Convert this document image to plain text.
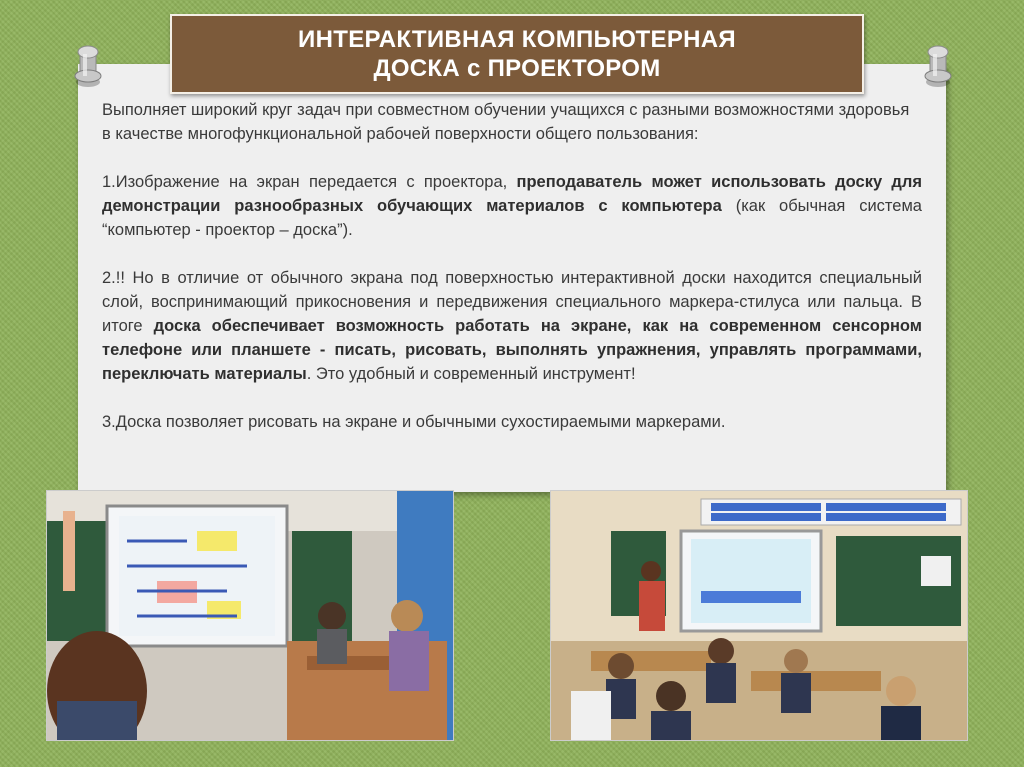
ИНТЕРАКТИВНАЯ КОМПЬЮТЕРНАЯ
ДОСКА с ПРОЕКТОРОМ

Выполняет широкий круг задач при совместном обучении учащихся с разными возможностями здоровья в качестве многофункциональной рабочей поверхности общего пользования:

1.Изображение на экран передается с проектора, преподаватель может использовать доску для демонстрации разнообразных обучающих материалов с компьютера (как обычная система “компьютер - проектор – доска”).

2.!! Но в отличие от обычного экрана под поверхностью интерактивной доски находится специальный слой, воспринимающий прикосновения и передвижения специального маркера-стилуса или пальца. В итоге доска обеспечивает возможность работать на экране, как на современном сенсорном телефоне или планшете - писать, рисовать, выполнять упражнения, управлять программами, переключать материалы. Это удобный и современный инструмент!

3.Доска позволяет рисовать на экране и обычными сухостираемыми маркерами.
